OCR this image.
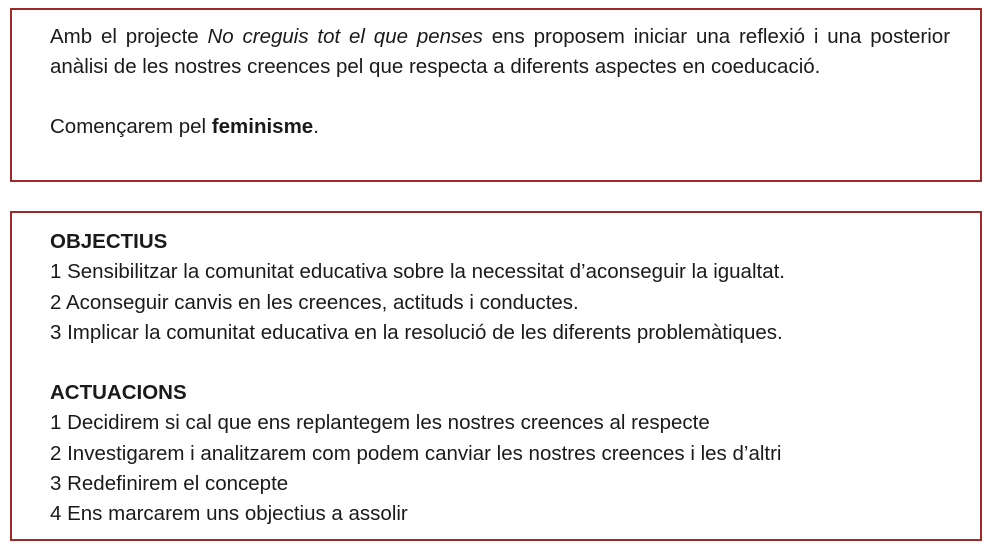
Amb el projecte No creguis tot el que penses ens proposem iniciar una reflexió i una posterior anàlisi de les nostres creences pel que respecta a diferents aspectes en coeducació.

Començarem pel feminisme.

OBJECTIUS

1 Sensibilitzar la comunitat educativa sobre la necessitat d’aconseguir la igualtat.
2 Aconseguir canvis en les creences, actituds i conductes.
3 Implicar la comunitat educativa en la resolució de les diferents problemàtiques.

ACTUACIONS

1 Decidirem si cal que ens replantegem les nostres creences al respecte
2 Investigarem i analitzarem com podem canviar les nostres creences i les d’altri
3 Redefinirem el concepte
4 Ens marcarem uns objectius a assolir
